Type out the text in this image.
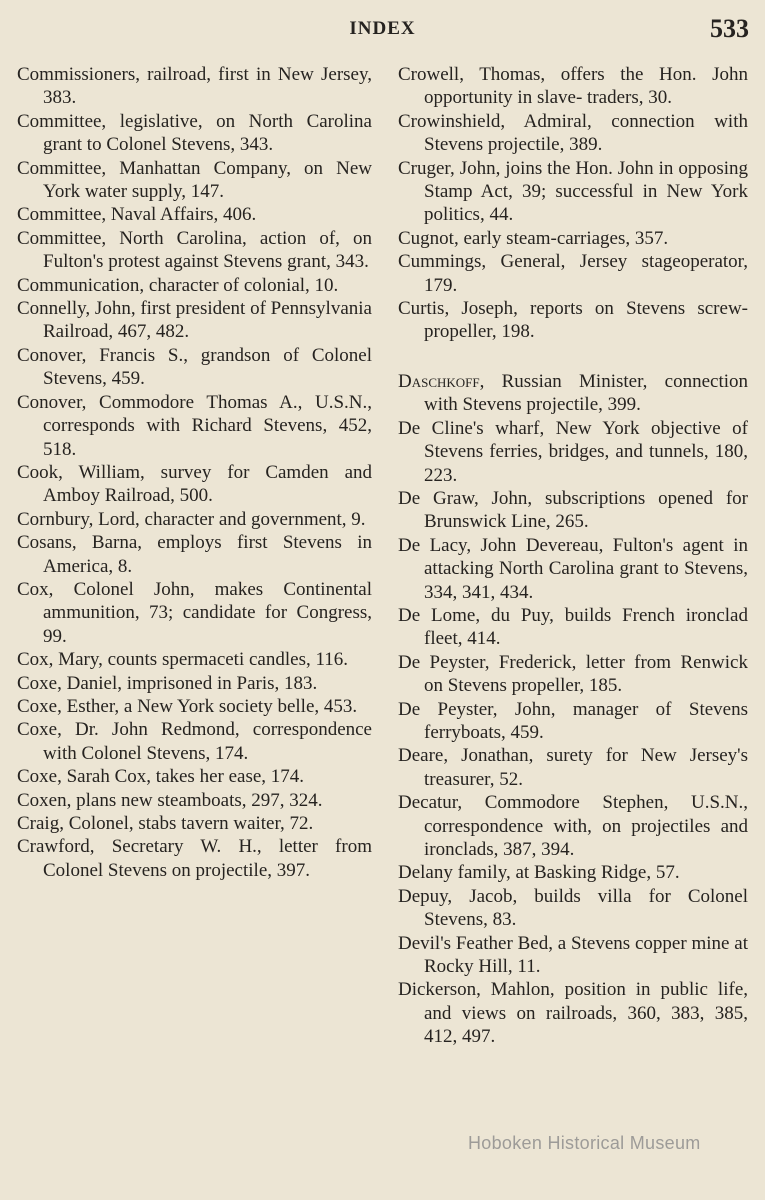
INDEX	533

Commissioners, railroad, first in New Jersey, 383.

Committee, legislative, on North Carolina grant to Colonel Stevens, 343.

Committee, Manhattan Company, on New York water supply, 147.

Committee, Naval Affairs, 406.

Committee, North Carolina, action of, on Fulton's protest against Stevens grant, 343.

Communication, character of colonial, 10.

Connelly, John, first president of Pennsylvania Railroad, 467, 482.

Conover, Francis S., grandson of Colonel Stevens, 459.

Conover, Commodore Thomas A., U.S.N., corresponds with Richard Stevens, 452, 518.

Cook, William, survey for Camden and Amboy Railroad, 500.

Cornbury, Lord, character and government, 9.

Cosans, Barna, employs first Stevens in America, 8.

Cox, Colonel John, makes Continental ammunition, 73; candidate for Congress, 99.

Cox, Mary, counts spermaceti candles, 116.

Coxe, Daniel, imprisoned in Paris, 183.

Coxe, Esther, a New York society belle, 453.

Coxe, Dr. John Redmond, correspondence with Colonel Stevens, 174.

Coxe, Sarah Cox, takes her ease, 174.

Coxen, plans new steamboats, 297, 324.

Craig, Colonel, stabs tavern waiter, 72.

Crawford, Secretary W. H., letter from Colonel Stevens on projectile, 397.

Crowell, Thomas, offers the Hon. John opportunity in slave- traders, 30.

Crowinshield, Admiral, connection with Stevens projectile, 389.

Cruger, John, joins the Hon. John in opposing Stamp Act, 39; successful in New York politics, 44.

Cugnot, early steam-carriages, 357.

Cummings, General, Jersey stageoperator, 179.

Curtis, Joseph, reports on Stevens screw-propeller, 198.

Daschkoff, Russian Minister, connection with Stevens projectile, 399.

De Cline's wharf, New York objective of Stevens ferries, bridges, and tunnels, 180, 223.

De Graw, John, subscriptions opened for Brunswick Line, 265.

De Lacy, John Devereau, Fulton's agent in attacking North Carolina grant to Stevens, 334, 341, 434.

De Lome, du Puy, builds French ironclad fleet, 414.

De Peyster, Frederick, letter from Renwick on Stevens propeller, 185.

De Peyster, John, manager of Stevens ferryboats, 459.

Deare, Jonathan, surety for New Jersey's treasurer, 52.

Decatur, Commodore Stephen, U.S.N., correspondence with, on projectiles and ironclads, 387, 394.

Delany family, at Basking Ridge, 57.

Depuy, Jacob, builds villa for Colonel Stevens, 83.

Devil's Feather Bed, a Stevens copper mine at Rocky Hill, 11.

Dickerson, Mahlon, position in public life, and views on railroads, 360, 383, 385, 412, 497.

Hoboken Historical Museum
